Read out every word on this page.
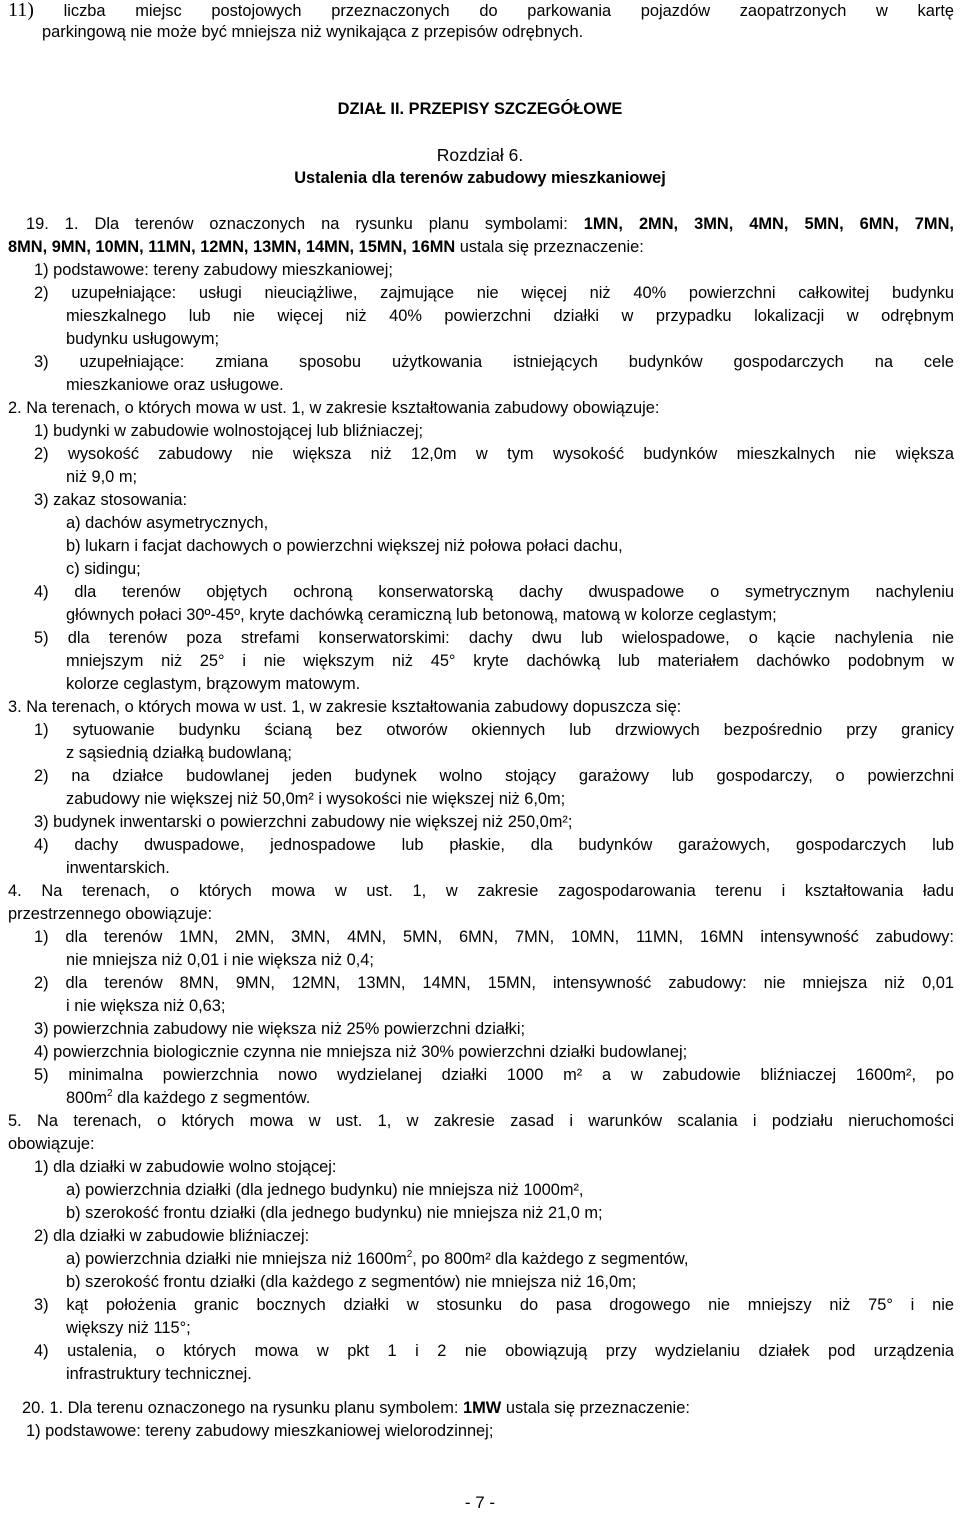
11) liczba miejsc postojowych przeznaczonych do parkowania pojazdów zaopatrzonych w kartę
parkingową nie może być mniejsza niż wynikająca z przepisów odrębnych.
DZIAŁ II. PRZEPISY SZCZEGÓŁOWE
Rozdział 6.
Ustalenia dla terenów zabudowy mieszkaniowej
19. 1. Dla terenów oznaczonych na rysunku planu symbolami: 1MN, 2MN, 3MN, 4MN, 5MN, 6MN, 7MN,
8MN, 9MN, 10MN, 11MN, 12MN, 13MN, 14MN, 15MN, 16MN ustala się przeznaczenie:
1) podstawowe: tereny zabudowy mieszkaniowej;
2) uzupełniające: usługi nieuciążliwe, zajmujące nie więcej niż 40% powierzchni całkowitej budynku
mieszkalnego lub nie więcej niż 40% powierzchni działki w przypadku lokalizacji w odrębnym
budynku usługowym;
3) uzupełniające: zmiana sposobu użytkowania istniejących budynków gospodarczych na cele
mieszkaniowe oraz usługowe.
2. Na terenach, o których mowa w ust. 1, w zakresie kształtowania zabudowy obowiązuje:
1) budynki w zabudowie wolnostojącej lub bliźniaczej;
2) wysokość zabudowy nie większa niż 12,0m w tym wysokość budynków mieszkalnych nie większa
niż 9,0 m;
3) zakaz stosowania:
a) dachów asymetrycznych,
b) lukarn i facjat dachowych o powierzchni większej niż połowa połaci dachu,
c) sidingu;
4) dla terenów objętych ochroną konserwatorską dachy dwuspadowe o symetrycznym nachyleniu
głównych połaci 30º-45º, kryte dachówką ceramiczną lub betonową, matową w kolorze ceglastym;
5) dla terenów poza strefami konserwatorskimi: dachy dwu lub wielospadowe, o kącie nachylenia nie
mniejszym niż 25° i nie większym niż 45° kryte dachówką lub materiałem dachówko podobnym w
kolorze ceglastym, brązowym matowym.
3. Na terenach, o których mowa w ust. 1, w zakresie kształtowania zabudowy dopuszcza się:
1) sytuowanie budynku ścianą bez otworów okiennych lub drzwiowych bezpośrednio przy granicy
z sąsiednią działką budowlaną;
2) na działce budowlanej jeden budynek wolno stojący garażowy lub gospodarczy, o powierzchni
zabudowy nie większej niż 50,0m² i wysokości nie większej niż 6,0m;
3) budynek inwentarski o powierzchni zabudowy nie większej niż 250,0m²;
4) dachy dwuspadowe, jednospadowe lub płaskie, dla budynków garażowych, gospodarczych lub
inwentarskich.
4. Na terenach, o których mowa w ust. 1, w zakresie zagospodarowania terenu i kształtowania ładu
przestrzennego obowiązuje:
1) dla terenów 1MN, 2MN, 3MN, 4MN, 5MN, 6MN, 7MN, 10MN, 11MN, 16MN intensywność zabudowy:
nie mniejsza niż 0,01 i nie większa niż 0,4;
2) dla terenów 8MN, 9MN, 12MN, 13MN, 14MN, 15MN, intensywność zabudowy: nie mniejsza niż 0,01
i nie większa niż 0,63;
3) powierzchnia zabudowy nie większa niż 25% powierzchni działki;
4) powierzchnia biologicznie czynna nie mniejsza niż 30% powierzchni działki budowlanej;
5) minimalna powierzchnia nowo wydzielanej działki 1000 m² a w zabudowie bliźniaczej 1600m², po
$800m^2$ dla każdego z segmentów.
5. Na terenach, o których mowa w ust. 1, w zakresie zasad i warunków scalania i podziału nieruchomości
obowiązuje:
1) dla działki w zabudowie wolno stojącej:
a) powierzchnia działki (dla jednego budynku) nie mniejsza niż 1000m²,
b) szerokość frontu działki (dla jednego budynku) nie mniejsza niż 21,0 m;
2) dla działki w zabudowie bliźniaczej:
a) powierzchnia działki nie mniejsza niż $1600m^2$, po 800m² dla każdego z segmentów,
b) szerokość frontu działki (dla każdego z segmentów) nie mniejsza niż 16,0m;
3) kąt położenia granic bocznych działki w stosunku do pasa drogowego nie mniejszy niż 75° i nie
większy niż 115°;
4) ustalenia, o których mowa w pkt 1 i 2 nie obowiązują przy wydzielaniu działek pod urządzenia
infrastruktury technicznej.
20. 1. Dla terenu oznaczonego na rysunku planu symbolem: 1MW ustala się przeznaczenie:
1) podstawowe: tereny zabudowy mieszkaniowej wielorodzinnej;
- 7 -
